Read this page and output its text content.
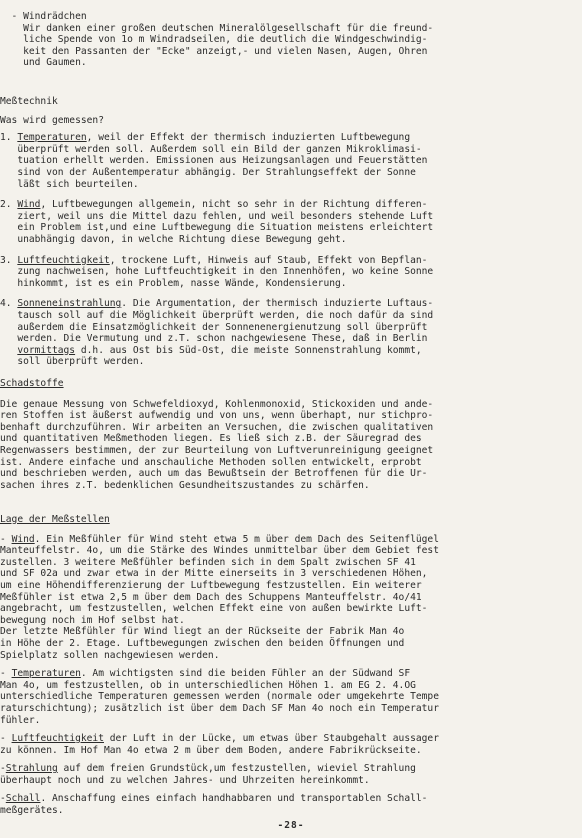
- Windrädchen
Wir danken einer großen deutschen Mineralölgesellschaft für die freund-
liche Spende von 1o m Windradseilen, die deutlich die Windgeschwindig-
keit den Passanten der "Ecke" anzeigt,- und vielen Nasen, Augen, Ohren
und Gaumen.
Meßtechnik
Was wird gemessen?
1. Temperaturen, weil der Effekt der thermisch induzierten Luftbewegung
überprüft werden soll. Außerdem soll ein Bild der ganzen Mikroklimasi-
tuation erhellt werden. Emissionen aus Heizungsanlagen und Feuerstätten
sind von der Außentemperatur abhängig. Der Strahlungseffekt der Sonne
läßt sich beurteilen.
2. Wind, Luftbewegungen allgemein, nicht so sehr in der Richtung differen-
ziert, weil uns die Mittel dazu fehlen, und weil besonders stehende Luft
ein Problem ist,und eine Luftbewegung die Situation meistens erleichtert
unabhängig davon, in welche Richtung diese Bewegung geht.
3. Luftfeuchtigkeit, trockene Luft, Hinweis auf Staub, Effekt von Bepflan-
zung nachweisen, hohe Luftfeuchtigkeit in den Innenhöfen, wo keine Sonne
hinkommt, ist es ein Problem, nasse Wände, Kondensierung.
4. Sonneneinstrahlung. Die Argumentation, der thermisch induzierte Luftaus-
tausch soll auf die Möglichkeit überprüft werden, die noch dafür da sind
außerdem die Einsatzmöglichkeit der Sonnenenergienutzung soll überprüft
werden. Die Vermutung und z.T. schon nachgewiesene These, daß in Berlin
vormittags d.h. aus Ost bis Süd-Ost, die meiste Sonnenstrahlung kommt,
soll überprüft werden.
Schadstoffe
Die genaue Messung von Schwefeldioxyd, Kohlenmonoxid, Stickoxiden und ande-
ren Stoffen ist äußerst aufwendig und von uns, wenn überhapt, nur stichpro-
benhaft durchzuführen. Wir arbeiten an Versuchen, die zwischen qualitativen
und quantitativen Meßmethoden liegen. Es ließ sich z.B. der Säuregrad des
Regenwassers bestimmen, der zur Beurteilung von Luftverunreinigung geeignet
ist. Andere einfache und anschauliche Methoden sollen entwickelt, erprobt
und beschrieben werden, auch um das Bewußtsein der Betroffenen für die Ur-
sachen ihres z.T. bedenklichen Gesundheitszustandes zu schärfen.
Lage der Meßstellen
- Wind. Ein Meßfühler für Wind steht etwa 5 m über dem Dach des Seitenflügel
Manteuffelstr. 4o, um die Stärke des Windes unmittelbar über dem Gebiet fest
zustellen. 3 weitere Meßfühler befinden sich in dem Spalt zwischen SF 41
und SF 02a und zwar etwa in der Mitte einerseits in 3 verschiedenen Höhen,
um eine Höhendifferenzierung der Luftbewegung festzustellen. Ein weiterer
Meßfühler ist etwa 2,5 m über dem Dach des Schuppens Manteuffelstr. 4o/41
angebracht, um festzustellen, welchen Effekt eine von außen bewirkte Luft-
bewegung noch im Hof selbst hat.
Der letzte Meßfühler für Wind liegt an der Rückseite der Fabrik Man 4o
in Höhe der 2. Etage. Luftbewegungen zwischen den beiden Öffnungen und
Spielplatz sollen nachgewiesen werden.
- Temperaturen. Am wichtigsten sind die beiden Fühler an der Südwand SF
Man 4o, um festzustellen, ob in unterschiedlichen Höhen 1. am EG 2. 4.OG
unterschiedliche Temperaturen gemessen werden (normale oder umgekehrte Tempe
raturschichtung); zusätzlich ist über dem Dach SF Man 4o noch ein Temperatur
fühler.
- Luftfeuchtigkeit der Luft in der Lücke, um etwas über Staubgehalt aussager
zu können. Im Hof Man 4o etwa 2 m über dem Boden, andere Fabrikrückseite.
-Strahlung auf dem freien Grundstück,um festzustellen, wieviel Strahlung
überhaupt noch und zu welchen Jahres- und Uhrzeiten hereinkommt.
-Schall. Anschaffung eines einfach handhabbaren und transportablen Schall-
meßgerätes.
-28-
